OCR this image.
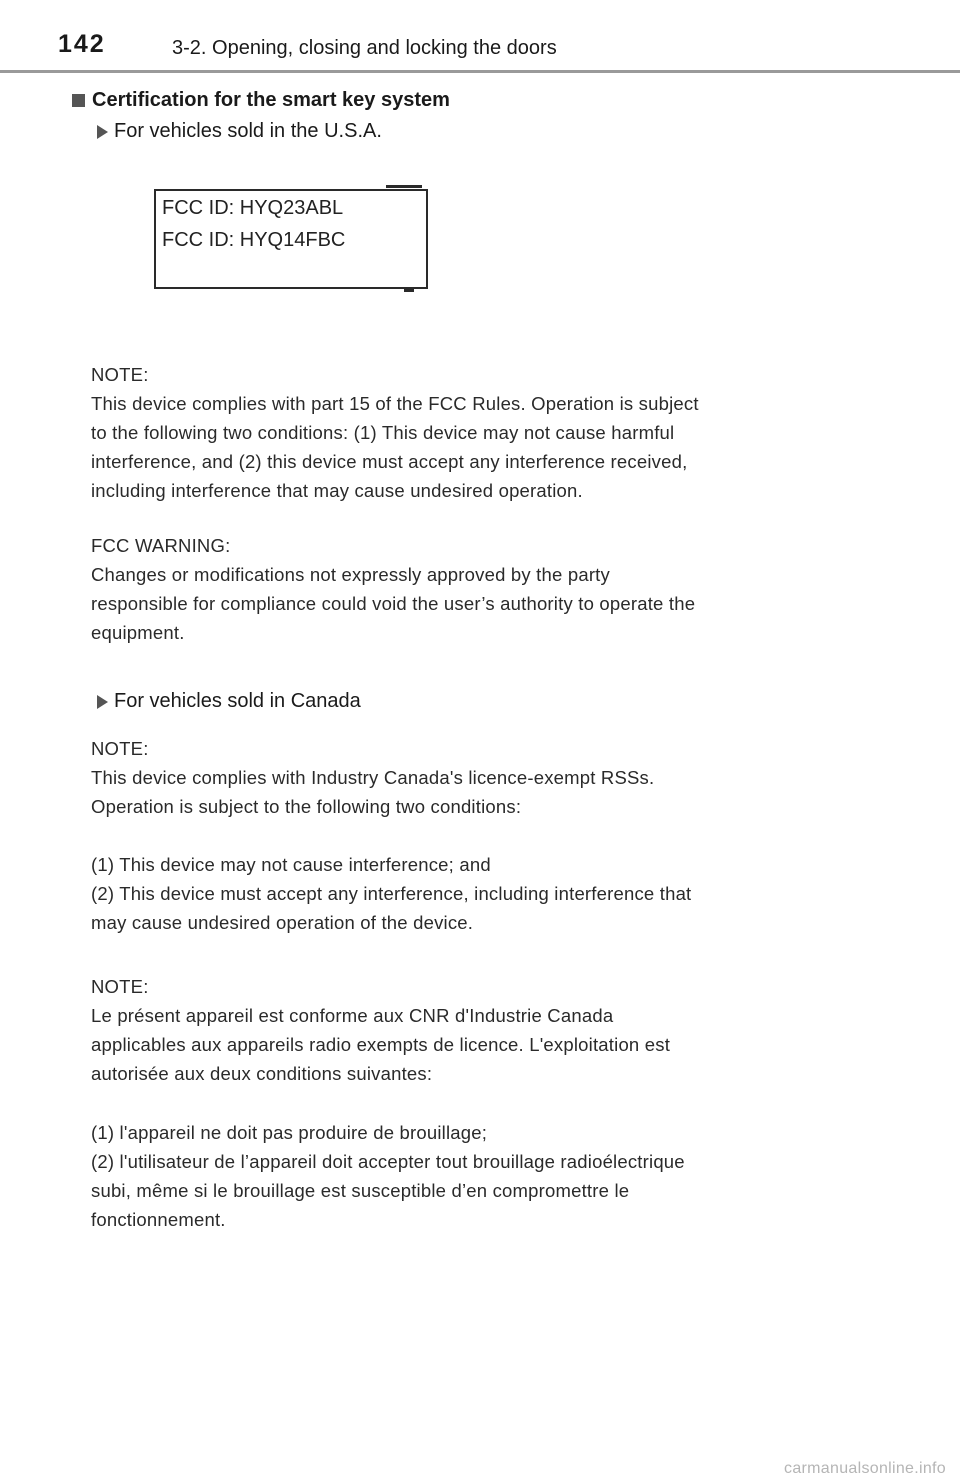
142	3-2. Opening, closing and locking the doors
Certification for the smart key system
For vehicles sold in the U.S.A.
FCC ID: HYQ23ABL
FCC ID: HYQ14FBC
NOTE:
This device complies with part 15 of the FCC Rules. Operation is subject
to the following two conditions: (1) This device may not cause harmful
interference, and (2) this device must accept any interference received,
including interference that may cause undesired operation.
FCC WARNING:
Changes or modifications not expressly approved by the party
responsible for compliance could void the user’s authority to operate the
equipment.
For vehicles sold in Canada
NOTE:
This device complies with Industry Canada's licence-exempt RSSs.
Operation is subject to the following two conditions:
(1) This device may not cause interference; and
(2) This device must accept any interference, including interference that
may cause undesired operation of the device.
NOTE:
Le présent appareil est conforme aux CNR d'Industrie Canada
applicables aux appareils radio exempts de licence. L'exploitation est
autorisée aux deux conditions suivantes:
(1) l'appareil ne doit pas produire de brouillage;
(2) l'utilisateur de l’appareil doit accepter tout brouillage radioélectrique
subi, même si le brouillage est susceptible d’en compromettre le
fonctionnement.
carmanualsonline.info
